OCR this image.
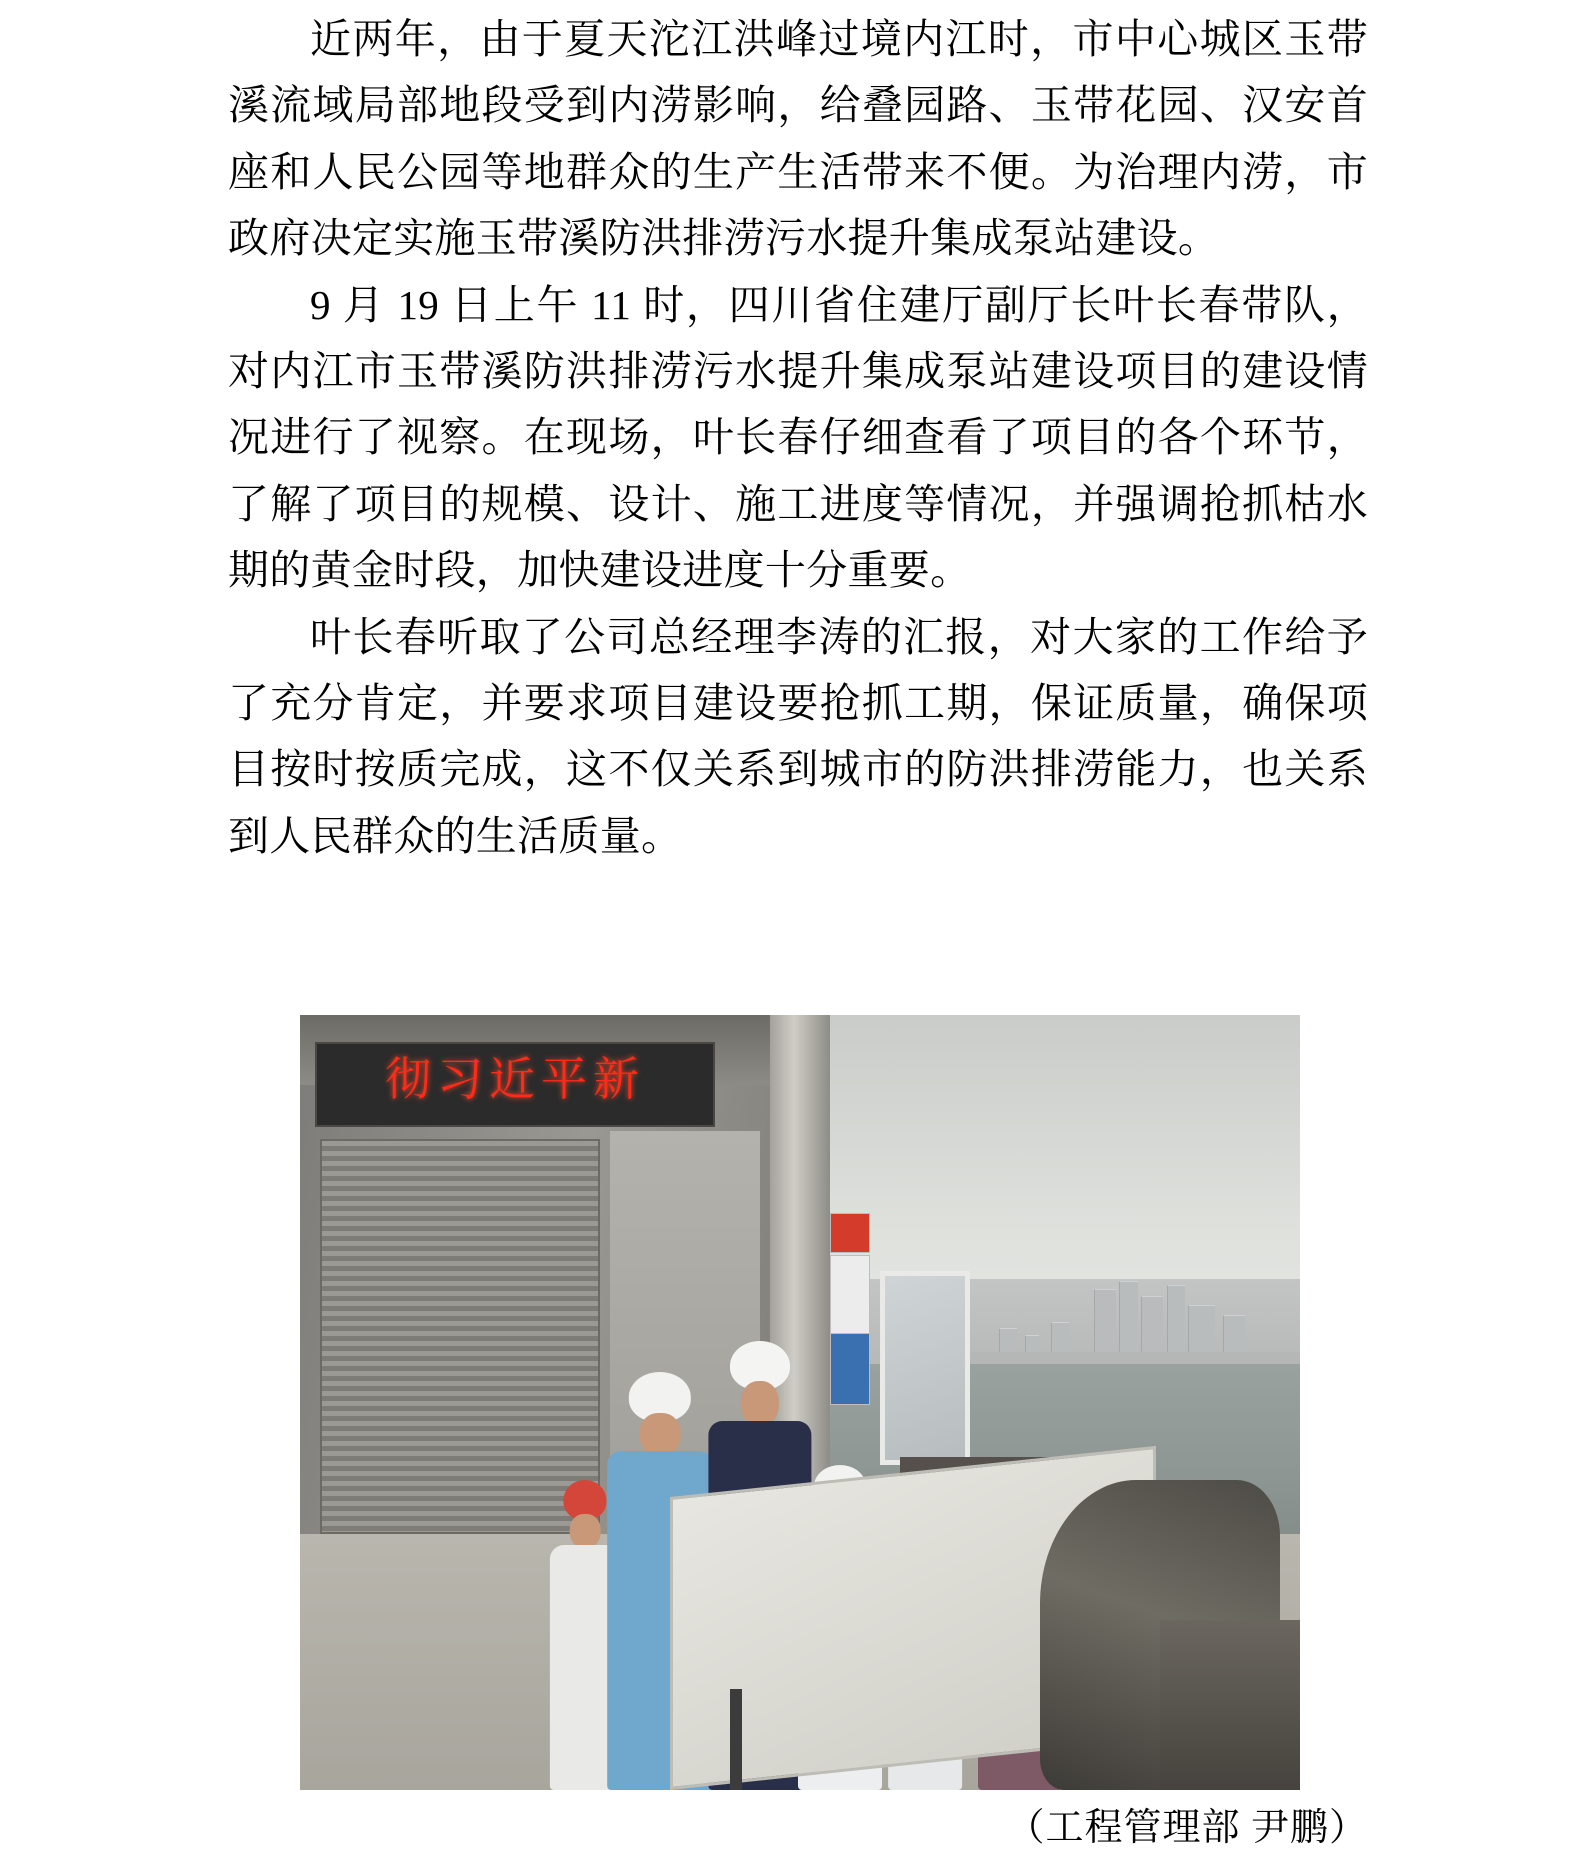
近两年，由于夏天沱江洪峰过境内江时，市中心城区玉带溪流域局部地段受到内涝影响，给叠园路、玉带花园、汉安首座和人民公园等地群众的生产生活带来不便。为治理内涝，市政府决定实施玉带溪防洪排涝污水提升集成泵站建设。

9 月 19 日上午 11 时，四川省住建厅副厅长叶长春带队，对内江市玉带溪防洪排涝污水提升集成泵站建设项目的建设情况进行了视察。在现场，叶长春仔细查看了项目的各个环节，了解了项目的规模、设计、施工进度等情况，并强调抢抓枯水期的黄金时段，加快建设进度十分重要。

叶长春听取了公司总经理李涛的汇报，对大家的工作给予了充分肯定，并要求项目建设要抢抓工期，保证质量，确保项目按时按质完成，这不仅关系到城市的防洪排涝能力，也关系到人民群众的生活质量。

彻习近平新
（工程管理部 尹鹏）
